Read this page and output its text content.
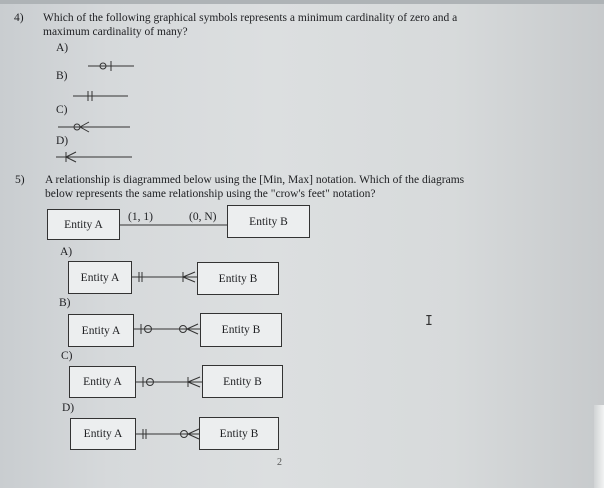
4) Which of the following graphical symbols represents a minimum cardinality of zero and a
maximum cardinality of many?
A)
B)
C)
D)
5) A relationship is diagrammed below using the [Min, Max] notation. Which of the diagrams
below represents the same relationship using the "crow's feet" notation?
Entity A
(1, 1)	(0, N)	Entity B
A)
Entity A	Entity B
B)
Entity A	Entity B
C)
Entity A	Entity B
D)
Entity A	Entity B
2
I
